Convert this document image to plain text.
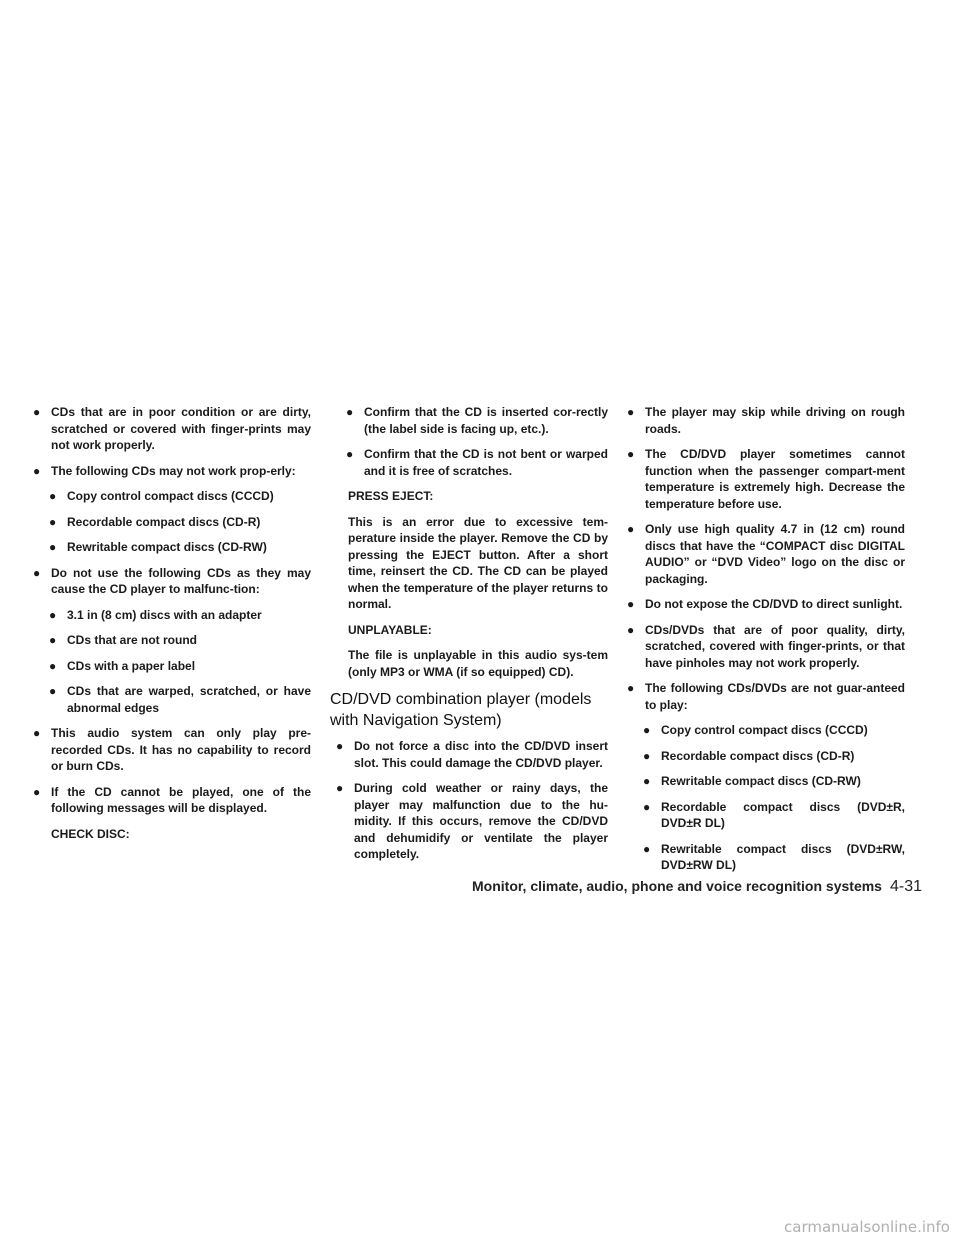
● CDs that are in poor condition or are dirty, scratched or covered with finger-prints may not work properly.
● The following CDs may not work prop-erly:
● Copy control compact discs (CCCD)
● Recordable compact discs (CD-R)
● Rewritable compact discs (CD-RW)
● Do not use the following CDs as they may cause the CD player to malfunc-tion:
● 3.1 in (8 cm) discs with an adapter
● CDs that are not round
● CDs with a paper label
● CDs that are warped, scratched, or have abnormal edges
● This audio system can only play pre-recorded CDs. It has no capability to record or burn CDs.
● If the CD cannot be played, one of the following messages will be displayed.
CHECK DISC:
● Confirm that the CD is inserted cor-rectly (the label side is facing up, etc.).
● Confirm that the CD is not bent or warped and it is free of scratches.
PRESS EJECT:
This is an error due to excessive tem-perature inside the player. Remove the CD by pressing the EJECT button. After a short time, reinsert the CD. The CD can be played when the temperature of the player returns to normal.
UNPLAYABLE:
The file is unplayable in this audio sys-tem (only MP3 or WMA (if so equipped) CD).
CD/DVD combination player (models with Navigation System)
● Do not force a disc into the CD/DVD insert slot. This could damage the CD/DVD player.
● During cold weather or rainy days, the player may malfunction due to the hu-midity. If this occurs, remove the CD/DVD and dehumidify or ventilate the player completely.
● The player may skip while driving on rough roads.
● The CD/DVD player sometimes cannot function when the passenger compart-ment temperature is extremely high. Decrease the temperature before use.
● Only use high quality 4.7 in (12 cm) round discs that have the “COMPACT disc DIGITAL AUDIO” or “DVD Video” logo on the disc or packaging.
● Do not expose the CD/DVD to direct sunlight.
● CDs/DVDs that are of poor quality, dirty, scratched, covered with finger-prints, or that have pinholes may not work properly.
● The following CDs/DVDs are not guar-anteed to play:
● Copy control compact discs (CCCD)
● Recordable compact discs (CD-R)
● Rewritable compact discs (CD-RW)
● Recordable compact discs (DVD±R, DVD±R DL)
● Rewritable compact discs (DVD±RW, DVD±RW DL)
Monitor, climate, audio, phone and voice recognition systems 4-31
carmanualsonline.info
